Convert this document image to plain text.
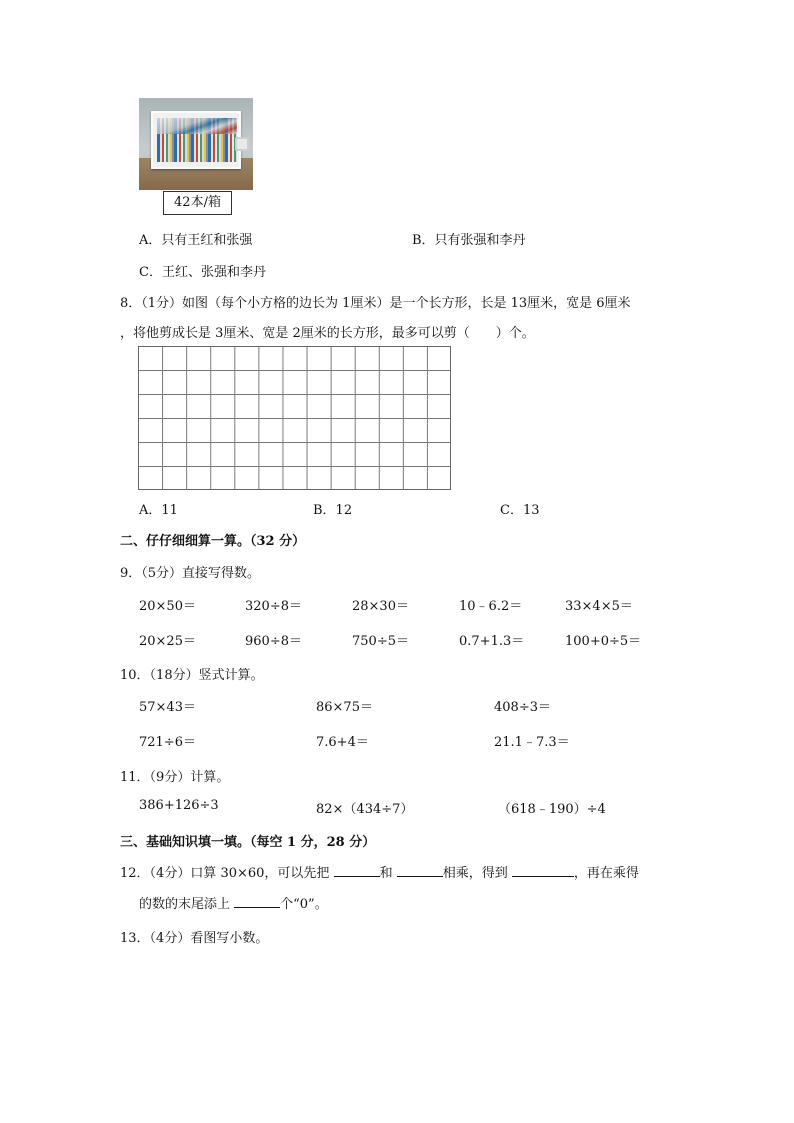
42本/箱
A．只有王红和张强	B．只有张强和李丹
C．王红、张强和李丹
8．（1分）如图（每个小方格的边长为 1厘米）是一个长方形，长是 13厘米，宽是 6厘米
，将他剪成长是 3厘米、宽是 2厘米的长方形，最多可以剪（　　）个。
A．11	B．12	C．13
二、仔仔细细算一算。（32 分）
9．（5分）直接写得数。
20×50＝	320÷8＝	28×30＝	10﹣6.2＝	33×4×5＝
20×25＝	960÷8＝	750÷5＝	0.7+1.3＝	100+0÷5＝
10．（18分）竖式计算。
57×43＝	86×75＝	408÷3＝
721÷6＝	7.6+4＝	21.1﹣7.3＝
11．（9分）计算。
386+126÷3	82×（434÷7）	（618﹣190）÷4
三、基础知识填一填。（每空 1 分，28 分）
12．（4分）口算 30×60，可以先把	和	相乘，得到	，再在乘得
的数的末尾添上	个“0”。
13．（4分）看图写小数。
